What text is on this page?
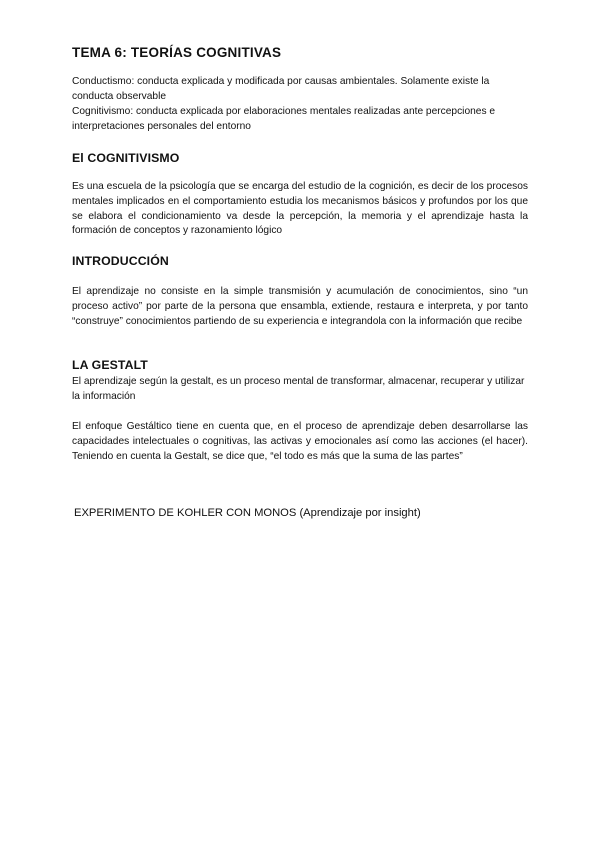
TEMA 6: TEORÍAS COGNITIVAS

Conductismo: conducta explicada y modificada por causas ambientales. Solamente existe la conducta observable

Cognitivismo: conducta explicada por elaboraciones mentales realizadas ante percepciones e interpretaciones personales del entorno

El COGNITIVISMO

Es una escuela de la psicología que se encarga del estudio de la cognición, es decir de los procesos mentales implicados en el comportamiento estudia los mecanismos básicos y profundos por los que se elabora el condicionamiento va desde la percepción, la memoria y el aprendizaje hasta la formación de conceptos y razonamiento lógico

INTRODUCCIÓN

El aprendizaje no consiste en la simple transmisión y acumulación de conocimientos, sino “un proceso activo” por parte de la persona que ensambla, extiende, restaura e interpreta, y por tanto “construye” conocimientos partiendo de su experiencia e integrandola con la información que recibe

LA GESTALT

El aprendizaje según la gestalt, es un proceso mental de transformar, almacenar, recuperar y utilizar la información

El enfoque Gestáltico tiene en cuenta que, en el proceso de aprendizaje deben desarrollarse las capacidades intelectuales o cognitivas, las activas y emocionales así como las acciones (el hacer). Teniendo en cuenta la Gestalt, se dice que, “el todo es más que la suma de las partes”

EXPERIMENTO DE KOHLER CON MONOS (Aprendizaje por insight)
